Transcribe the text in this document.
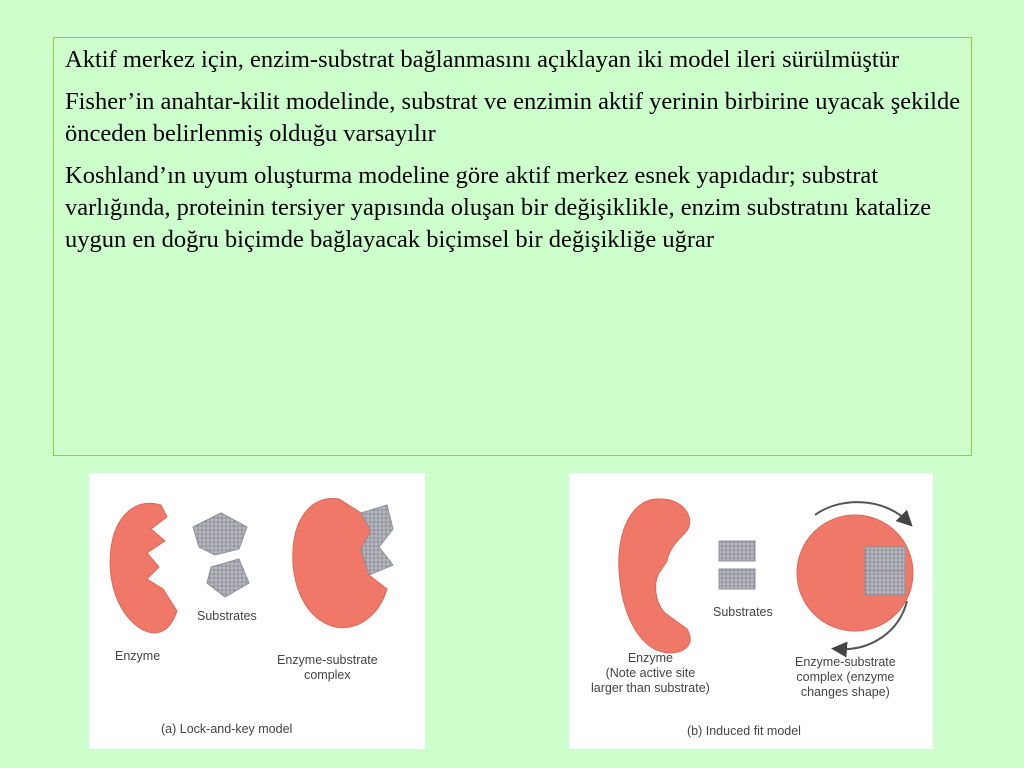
Aktif merkez için, enzim-substrat bağlanmasını açıklayan iki model ileri sürülmüştür

Fisher’in anahtar-kilit modelinde, substrat ve enzimin aktif yerinin birbirine uyacak şekilde önceden belirlenmiş olduğu varsayılır

Koshland’ın uyum oluşturma modeline göre aktif merkez esnek yapıdadır; substrat varlığında, proteinin tersiyer yapısında oluşan bir değişiklikle, enzim substratını katalize uygun en doğru biçimde bağlayacak biçimsel bir değişikliğe uğrar

Substrates
Enzyme	Enzyme-substrate
complex
(a) Lock-and-key model
Substrates
Enzyme
(Note active site
larger than substrate)
Enzyme-substrate
complex (enzyme
changes shape)
(b) Induced fit model
